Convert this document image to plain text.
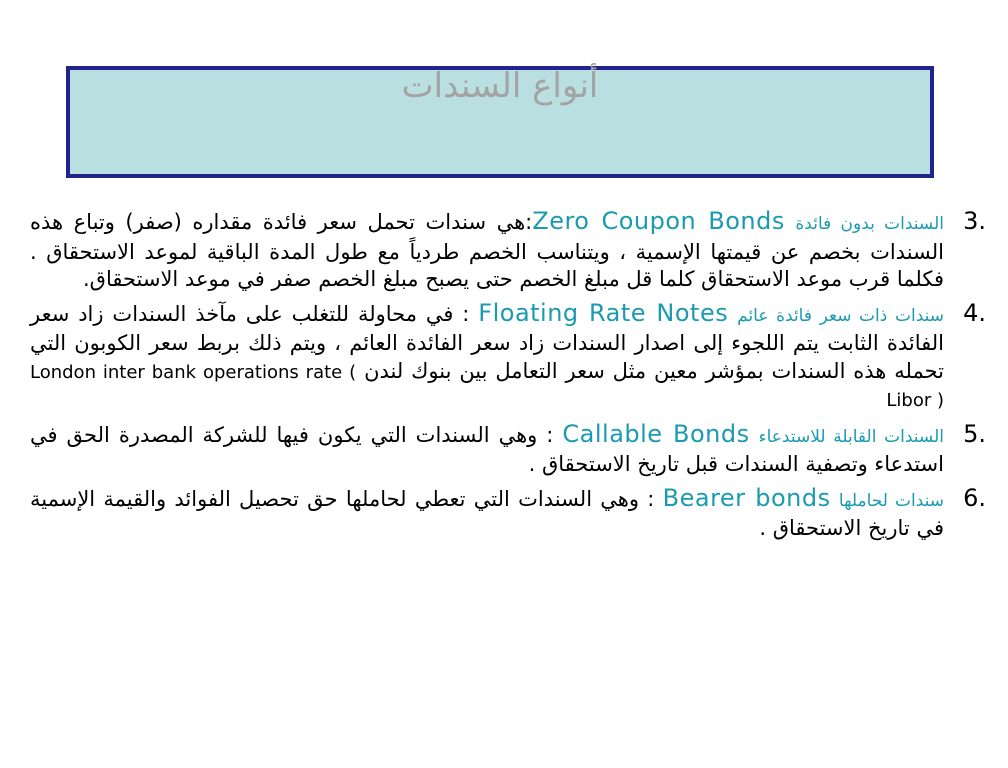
أنواع السندات
3.
السندات بدون فائدة Zero Coupon Bonds:هي سندات تحمل سعر فائدة مقداره (صفر) وتباع هذه السندات بخصم عن قيمتها الإسمية ، ويتناسب الخصم طردياً مع طول المدة الباقية لموعد الاستحقاق . فكلما قرب موعد الاستحقاق كلما قل مبلغ الخصم حتى يصبح مبلغ الخصم صفر في موعد الاستحقاق.
4.
سندات ذات سعر فائدة عائم Floating Rate Notes : في محاولة للتغلب على مآخذ السندات زاد سعر الفائدة الثابت يتم اللجوء إلى اصدار السندات زاد سعر الفائدة العائم ، ويتم ذلك بربط سعر الكوبون التي تحمله هذه السندات بمؤشر معين مثل سعر التعامل بين بنوك لندن London inter bank operations rate ( Libor )
5.
السندات القابلة للاستدعاء Callable Bonds : وهي السندات التي يكون فيها للشركة المصدرة الحق في استدعاء وتصفية السندات قبل تاريخ الاستحقاق .
6.
سندات لحاملها Bearer bonds : وهي السندات التي تعطي لحاملها حق تحصيل الفوائد والقيمة الإسمية في تاريخ الاستحقاق .
